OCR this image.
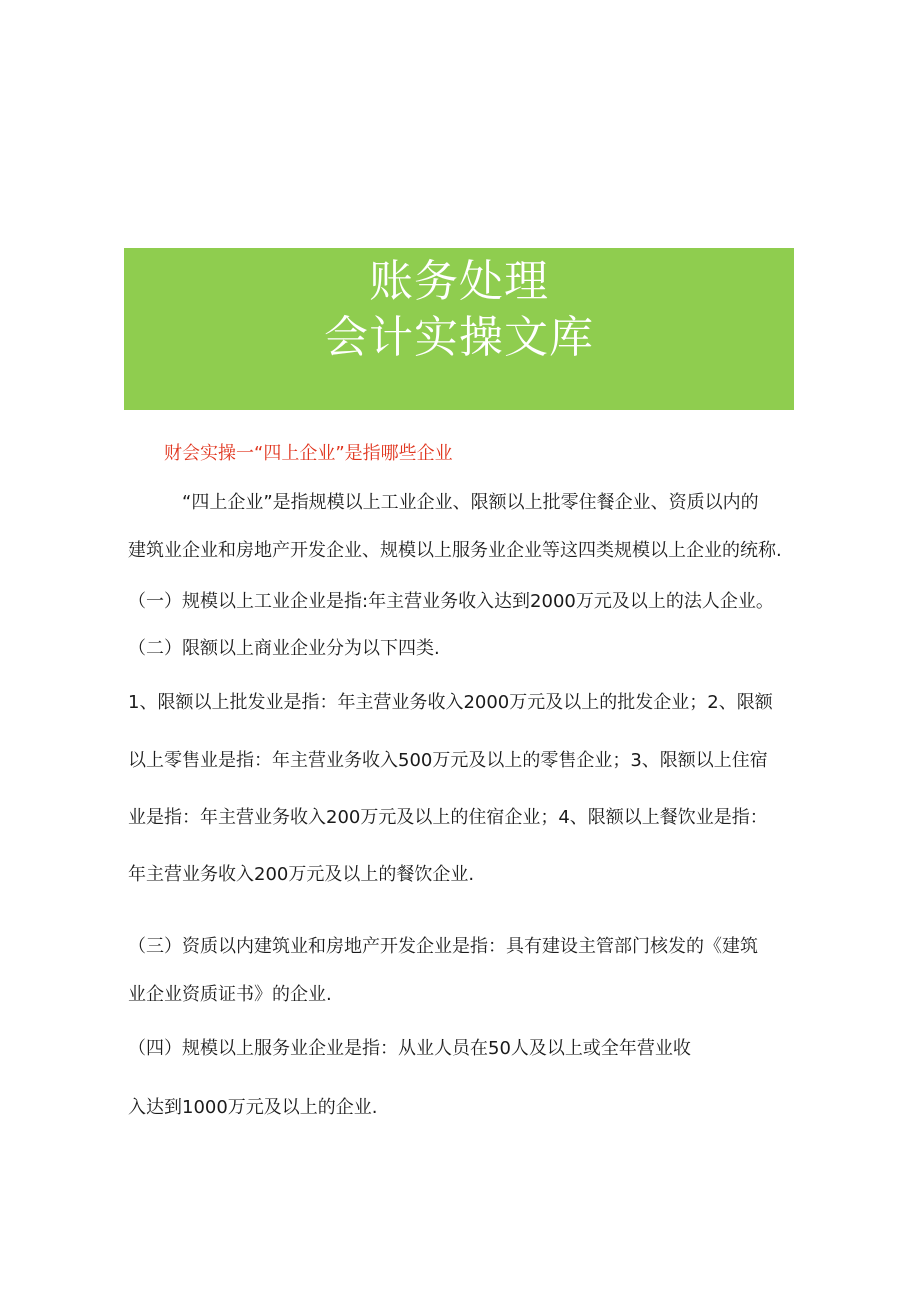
账务处理
会计实操文库
财会实操一“四上企业”是指哪些企业
“四上企业”是指规模以上工业企业、限额以上批零住餐企业、资质以内的
建筑业企业和房地产开发企业、规模以上服务业企业等这四类规模以上企业的统称.
（一）规模以上工业企业是指:年主营业务收入达到2000万元及以上的法人企业。
（二）限额以上商业企业分为以下四类.
1、限额以上批发业是指：年主营业务收入2000万元及以上的批发企业；2、限额
以上零售业是指：年主营业务收入500万元及以上的零售企业；3、限额以上住宿
业是指：年主营业务收入200万元及以上的住宿企业；4、限额以上餐饮业是指：
年主营业务收入200万元及以上的餐饮企业.
（三）资质以内建筑业和房地产开发企业是指：具有建设主管部门核发的《建筑
业企业资质证书》的企业.
（四）规模以上服务业企业是指：从业人员在50人及以上或全年营业收
入达到1000万元及以上的企业.
